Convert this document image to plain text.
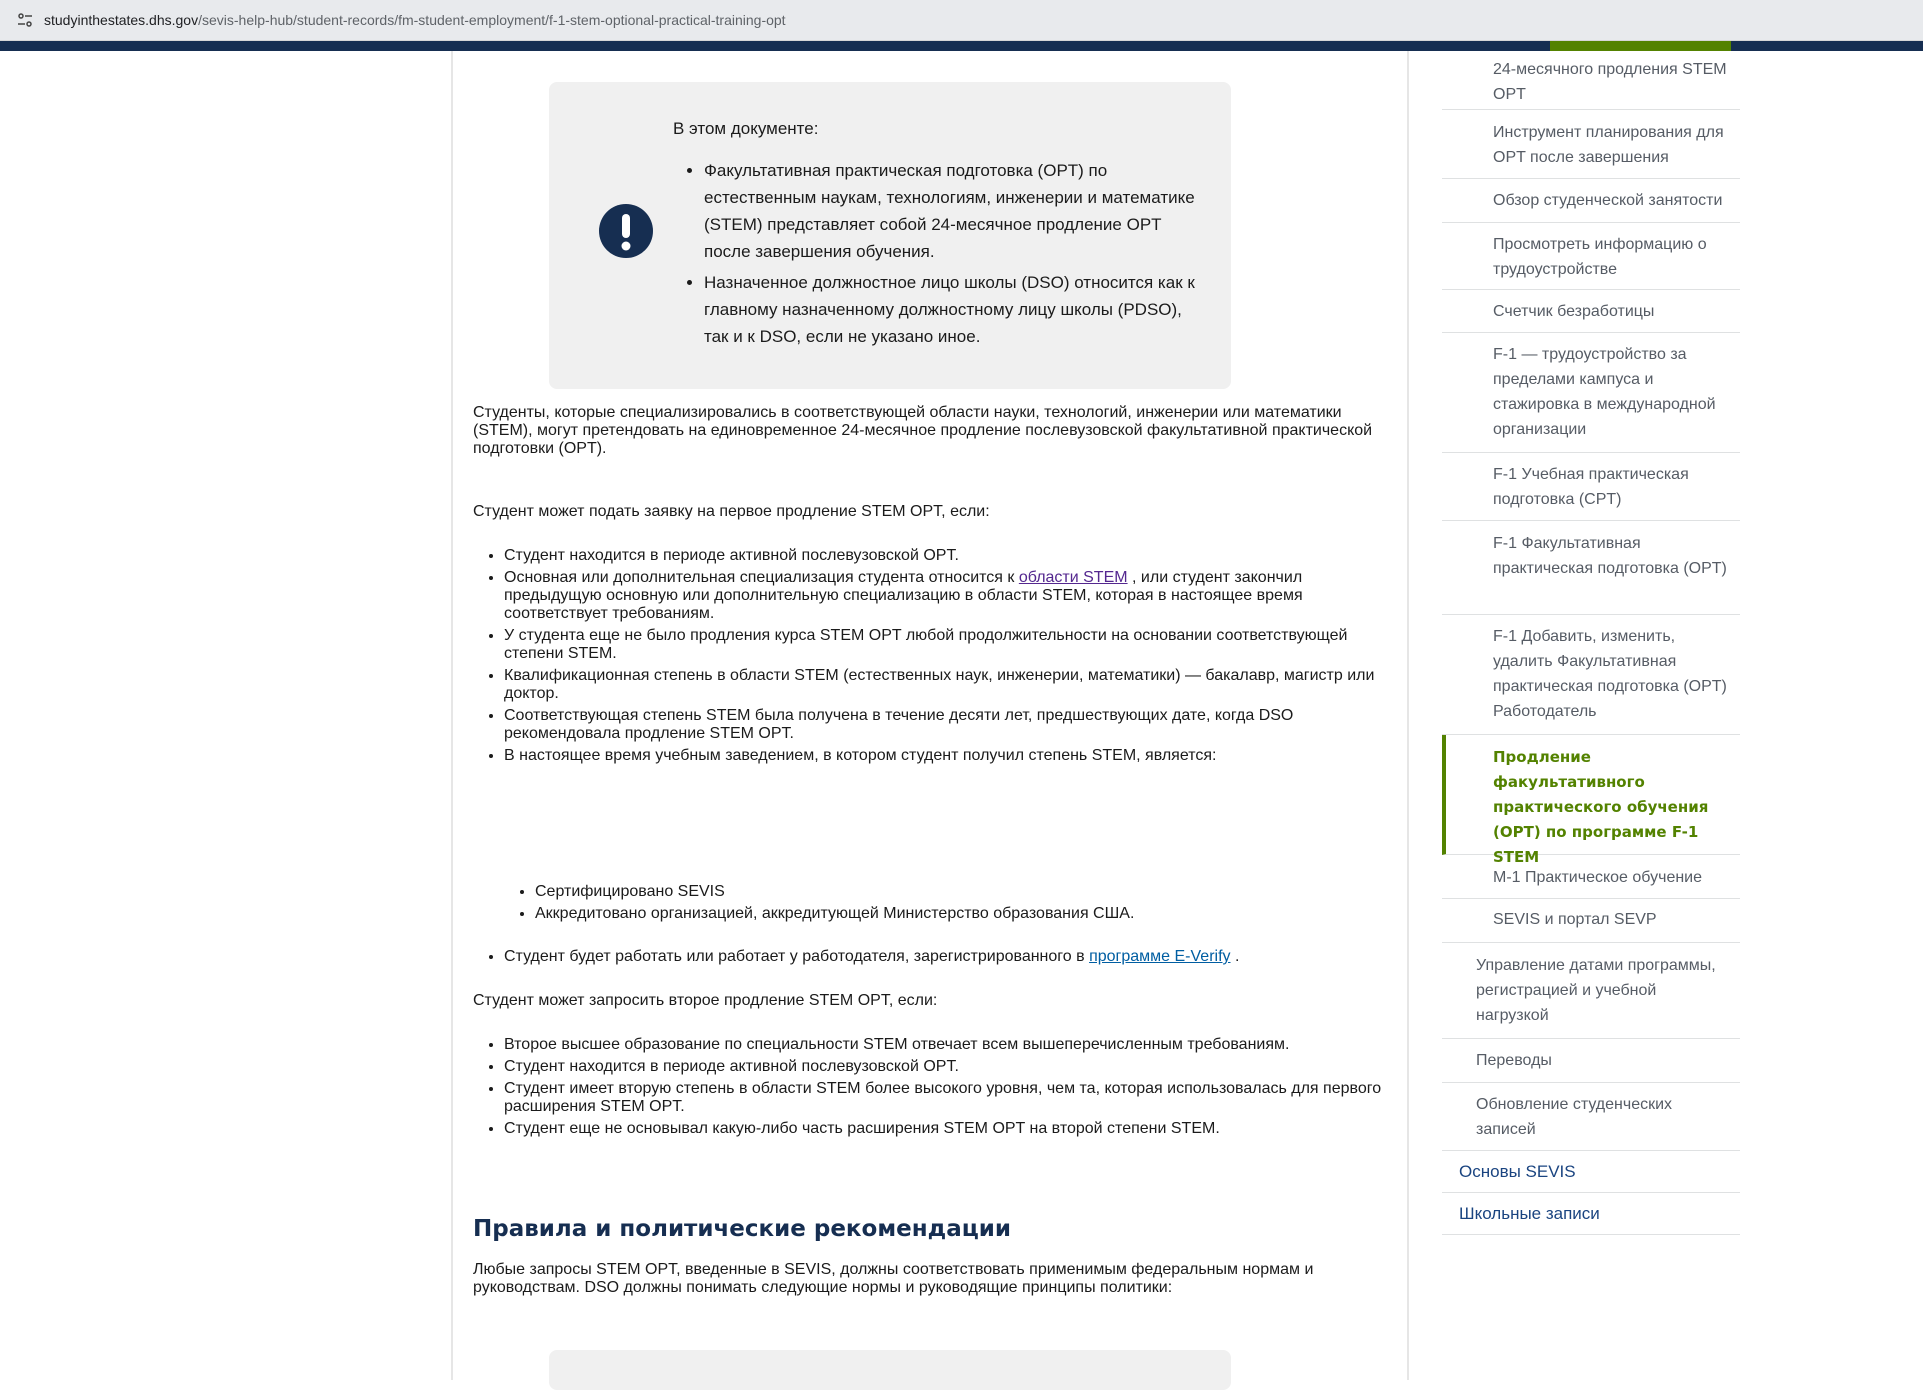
studyinthestates.dhs.gov/sevis-help-hub/student-records/fm-student-employment/f-1-stem-optional-practical-training-opt

В этом документе:

• Факультативная практическая подготовка (OPT) по естественным наукам, технологиям, инженерии и математике (STEM) представляет собой 24-месячное продление OPT после завершения обучения.
• Назначенное должностное лицо школы (DSO) относится как к главному назначенному должностному лицу школы (PDSO), так и к DSO, если не указано иное.

Студенты, которые специализировались в соответствующей области науки, технологий, инженерии или математики (STEM), могут претендовать на единовременное 24-месячное продление послевузовской факультативной практической подготовки (OPT).

Студент может подать заявку на первое продление STEM OPT, если:

• Студент находится в периоде активной послевузовской OPT.
• Основная или дополнительная специализация студента относится к области STEM , или студент закончил предыдущую основную или дополнительную специализацию в области STEM, которая в настоящее время соответствует требованиям.
• У студента еще не было продления курса STEM OPT любой продолжительности на основании соответствующей степени STEM.
• Квалификационная степень в области STEM (естественных наук, инженерии, математики) — бакалавр, магистр или доктор.
• Соответствующая степень STEM была получена в течение десяти лет, предшествующих дате, когда DSO рекомендовала продление STEM OPT.
• В настоящее время учебным заведением, в котором студент получил степень STEM, является:
• Сертифицировано SEVIS
• Аккредитовано организацией, аккредитующей Министерство образования США.
• Студент будет работать или работает у работодателя, зарегистрированного в программе E-Verify .

Студент может запросить второе продление STEM OPT, если:

• Второе высшее образование по специальности STEM отвечает всем вышеперечисленным требованиям.
• Студент находится в периоде активной послевузовской OPT.
• Студент имеет вторую степень в области STEM более высокого уровня, чем та, которая использовалась для первого расширения STEM OPT.
• Студент еще не основывал какую-либо часть расширения STEM OPT на второй степени STEM.
Правила и политические рекомендации

Любые запросы STEM OPT, введенные в SEVIS, должны соответствовать применимым федеральным нормам и руководствам. DSO должны понимать следующие нормы и руководящие принципы политики:

24-месячного продления STEM OPT
Инструмент планирования для OPT после завершения
Обзор студенческой занятости
Просмотреть информацию о трудоустройстве
Счетчик безработицы
F-1 — трудоустройство за пределами кампуса и стажировка в международной организации
F-1 Учебная практическая подготовка (CPT)
F-1 Факультативная практическая подготовка (OPT)
F-1 Добавить, изменить, удалить Факультативная практическая подготовка (OPT) Работодатель
Продление факультативного практического обучения (OPT) по программе F-1 STEM
M-1 Практическое обучение
SEVIS и портал SEVP
Управление датами программы, регистрацией и учебной нагрузкой
Переводы
Обновление студенческих записей
Основы SEVIS
Школьные записи
